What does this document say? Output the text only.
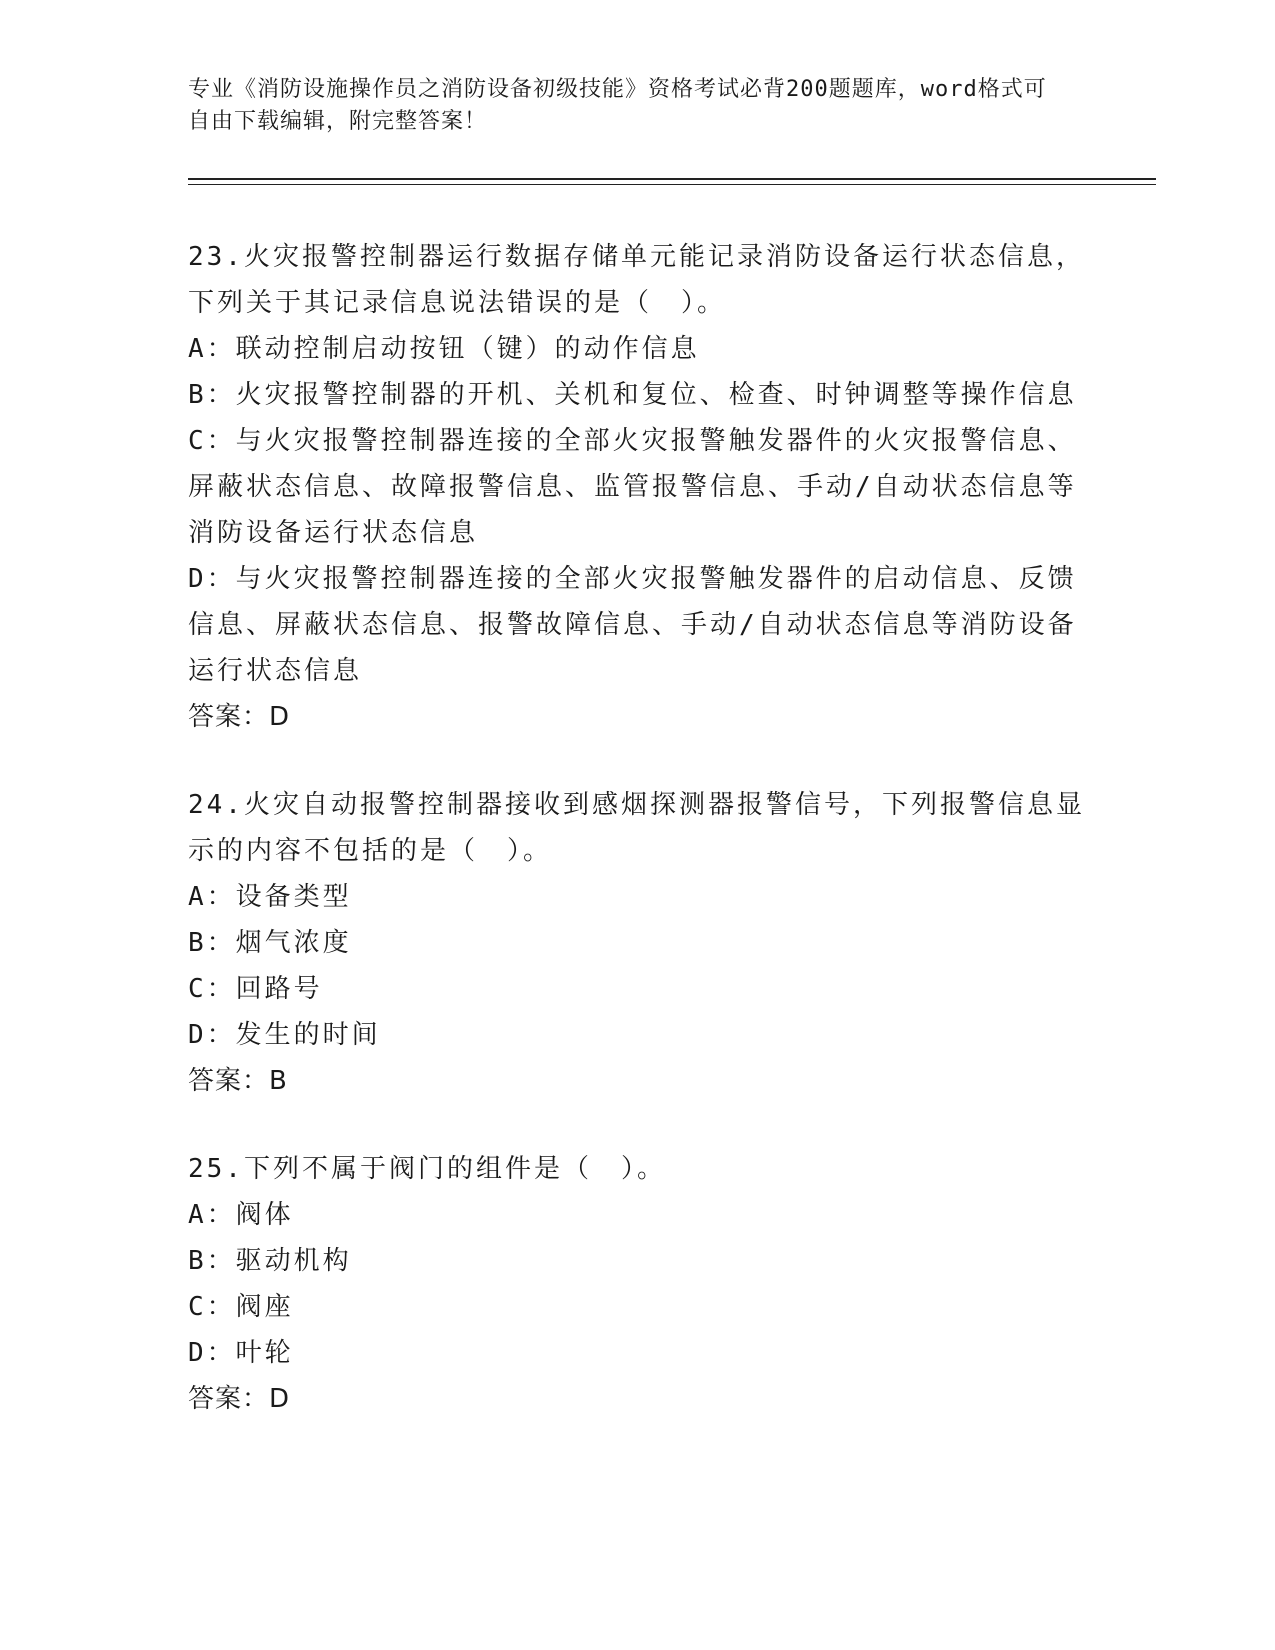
专业《消防设施操作员之消防设备初级技能》资格考试必背200题题库，word格式可自由下载编辑，附完整答案！

23.火灾报警控制器运行数据存储单元能记录消防设备运行状态信息，下列关于其记录信息说法错误的是（　）。

A：联动控制启动按钮（键）的动作信息

B：火灾报警控制器的开机、关机和复位、检查、时钟调整等操作信息

C：与火灾报警控制器连接的全部火灾报警触发器件的火灾报警信息、屏蔽状态信息、故障报警信息、监管报警信息、手动/自动状态信息等消防设备运行状态信息

D：与火灾报警控制器连接的全部火灾报警触发器件的启动信息、反馈信息、屏蔽状态信息、报警故障信息、手动/自动状态信息等消防设备运行状态信息

答案：D

24.火灾自动报警控制器接收到感烟探测器报警信号，下列报警信息显示的内容不包括的是（　）。

A：设备类型

B：烟气浓度

C：回路号

D：发生的时间

答案：B

25.下列不属于阀门的组件是（　）。

A：阀体

B：驱动机构

C：阀座

D：叶轮

答案：D
